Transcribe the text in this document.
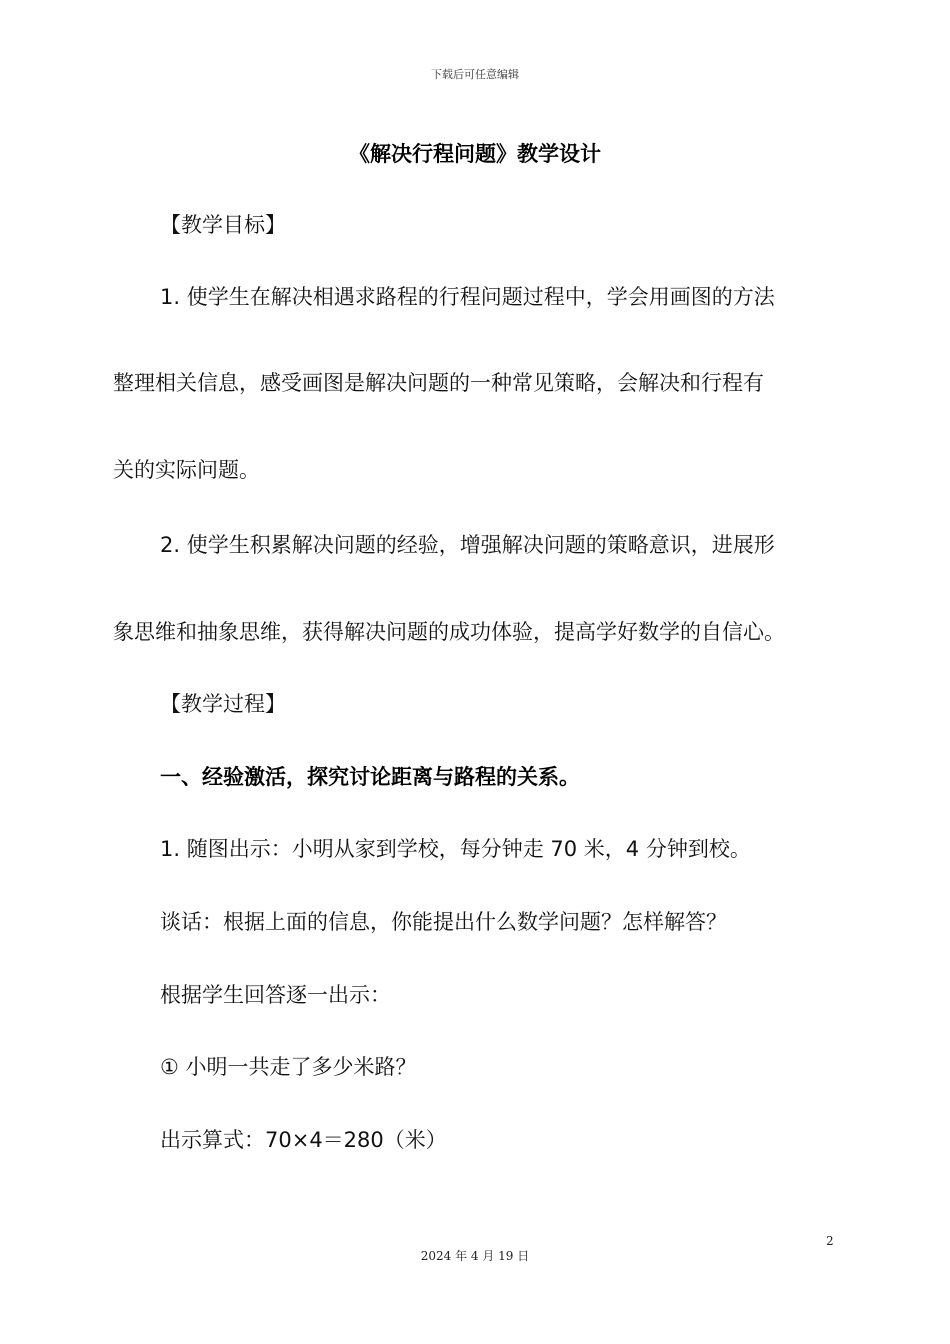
下载后可任意编辑
《解决行程问题》教学设计
【教学目标】
1. 使学生在解决相遇求路程的行程问题过程中，学会用画图的方法
整理相关信息，感受画图是解决问题的一种常见策略，会解决和行程有
关的实际问题。
2. 使学生积累解决问题的经验，增强解决问题的策略意识，进展形
象思维和抽象思维，获得解决问题的成功体验，提高学好数学的自信心。
【教学过程】
一、经验激活，探究讨论距离与路程的关系。
1. 随图出示：小明从家到学校，每分钟走 70 米，4 分钟到校。
谈话：根据上面的信息，你能提出什么数学问题？怎样解答？
根据学生回答逐一出示：
① 小明一共走了多少米路？
出示算式：70×4＝280（米）
2
2024 年 4 月 19 日
